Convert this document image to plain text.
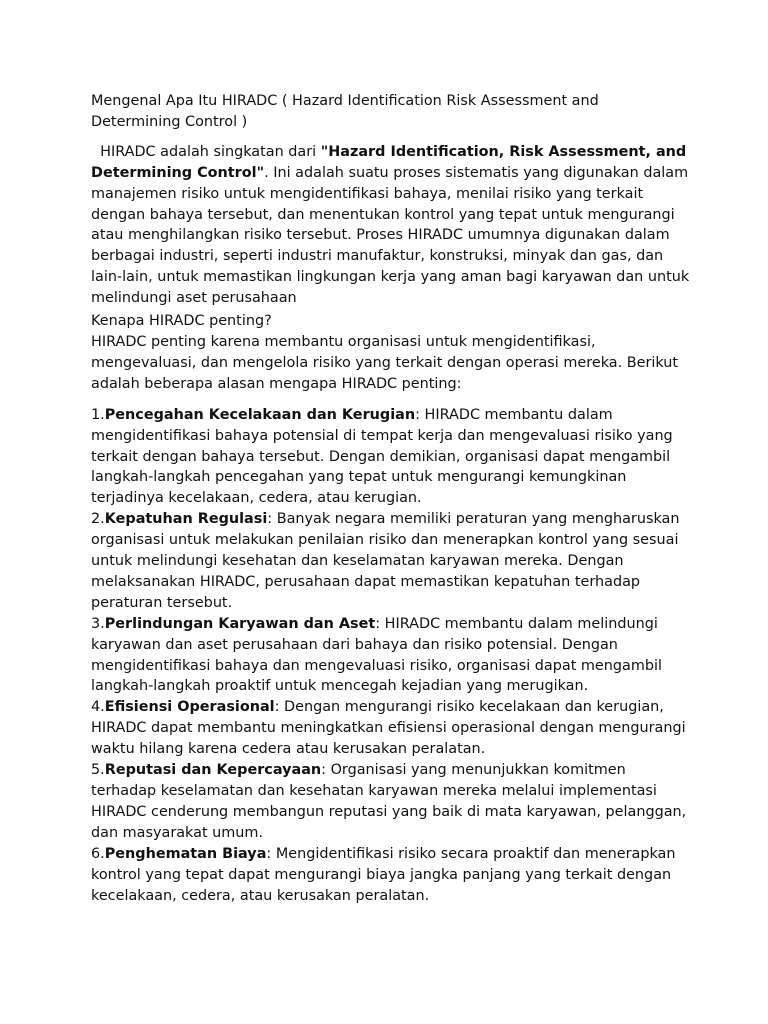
Mengenal Apa Itu HIRADC ( Hazard Identification Risk Assessment and Determining Control )

HIRADC adalah singkatan dari "Hazard Identification, Risk Assessment, and Determining Control". Ini adalah suatu proses sistematis yang digunakan dalam manajemen risiko untuk mengidentifikasi bahaya, menilai risiko yang terkait dengan bahaya tersebut, dan menentukan kontrol yang tepat untuk mengurangi atau menghilangkan risiko tersebut. Proses HIRADC umumnya digunakan dalam berbagai industri, seperti industri manufaktur, konstruksi, minyak dan gas, dan lain-lain, untuk memastikan lingkungan kerja yang aman bagi karyawan dan untuk melindungi aset perusahaan

Kenapa HIRADC penting?

HIRADC penting karena membantu organisasi untuk mengidentifikasi, mengevaluasi, dan mengelola risiko yang terkait dengan operasi mereka. Berikut adalah beberapa alasan mengapa HIRADC penting:

1.Pencegahan Kecelakaan dan Kerugian: HIRADC membantu dalam mengidentifikasi bahaya potensial di tempat kerja dan mengevaluasi risiko yang terkait dengan bahaya tersebut. Dengan demikian, organisasi dapat mengambil langkah-langkah pencegahan yang tepat untuk mengurangi kemungkinan terjadinya kecelakaan, cedera, atau kerugian.

2.Kepatuhan Regulasi: Banyak negara memiliki peraturan yang mengharuskan organisasi untuk melakukan penilaian risiko dan menerapkan kontrol yang sesuai untuk melindungi kesehatan dan keselamatan karyawan mereka. Dengan melaksanakan HIRADC, perusahaan dapat memastikan kepatuhan terhadap peraturan tersebut.

3.Perlindungan Karyawan dan Aset: HIRADC membantu dalam melindungi karyawan dan aset perusahaan dari bahaya dan risiko potensial. Dengan mengidentifikasi bahaya dan mengevaluasi risiko, organisasi dapat mengambil langkah-langkah proaktif untuk mencegah kejadian yang merugikan.

4.Efisiensi Operasional: Dengan mengurangi risiko kecelakaan dan kerugian, HIRADC dapat membantu meningkatkan efisiensi operasional dengan mengurangi waktu hilang karena cedera atau kerusakan peralatan.

5.Reputasi dan Kepercayaan: Organisasi yang menunjukkan komitmen terhadap keselamatan dan kesehatan karyawan mereka melalui implementasi HIRADC cenderung membangun reputasi yang baik di mata karyawan, pelanggan, dan masyarakat umum.

6.Penghematan Biaya: Mengidentifikasi risiko secara proaktif dan menerapkan kontrol yang tepat dapat mengurangi biaya jangka panjang yang terkait dengan kecelakaan, cedera, atau kerusakan peralatan.
